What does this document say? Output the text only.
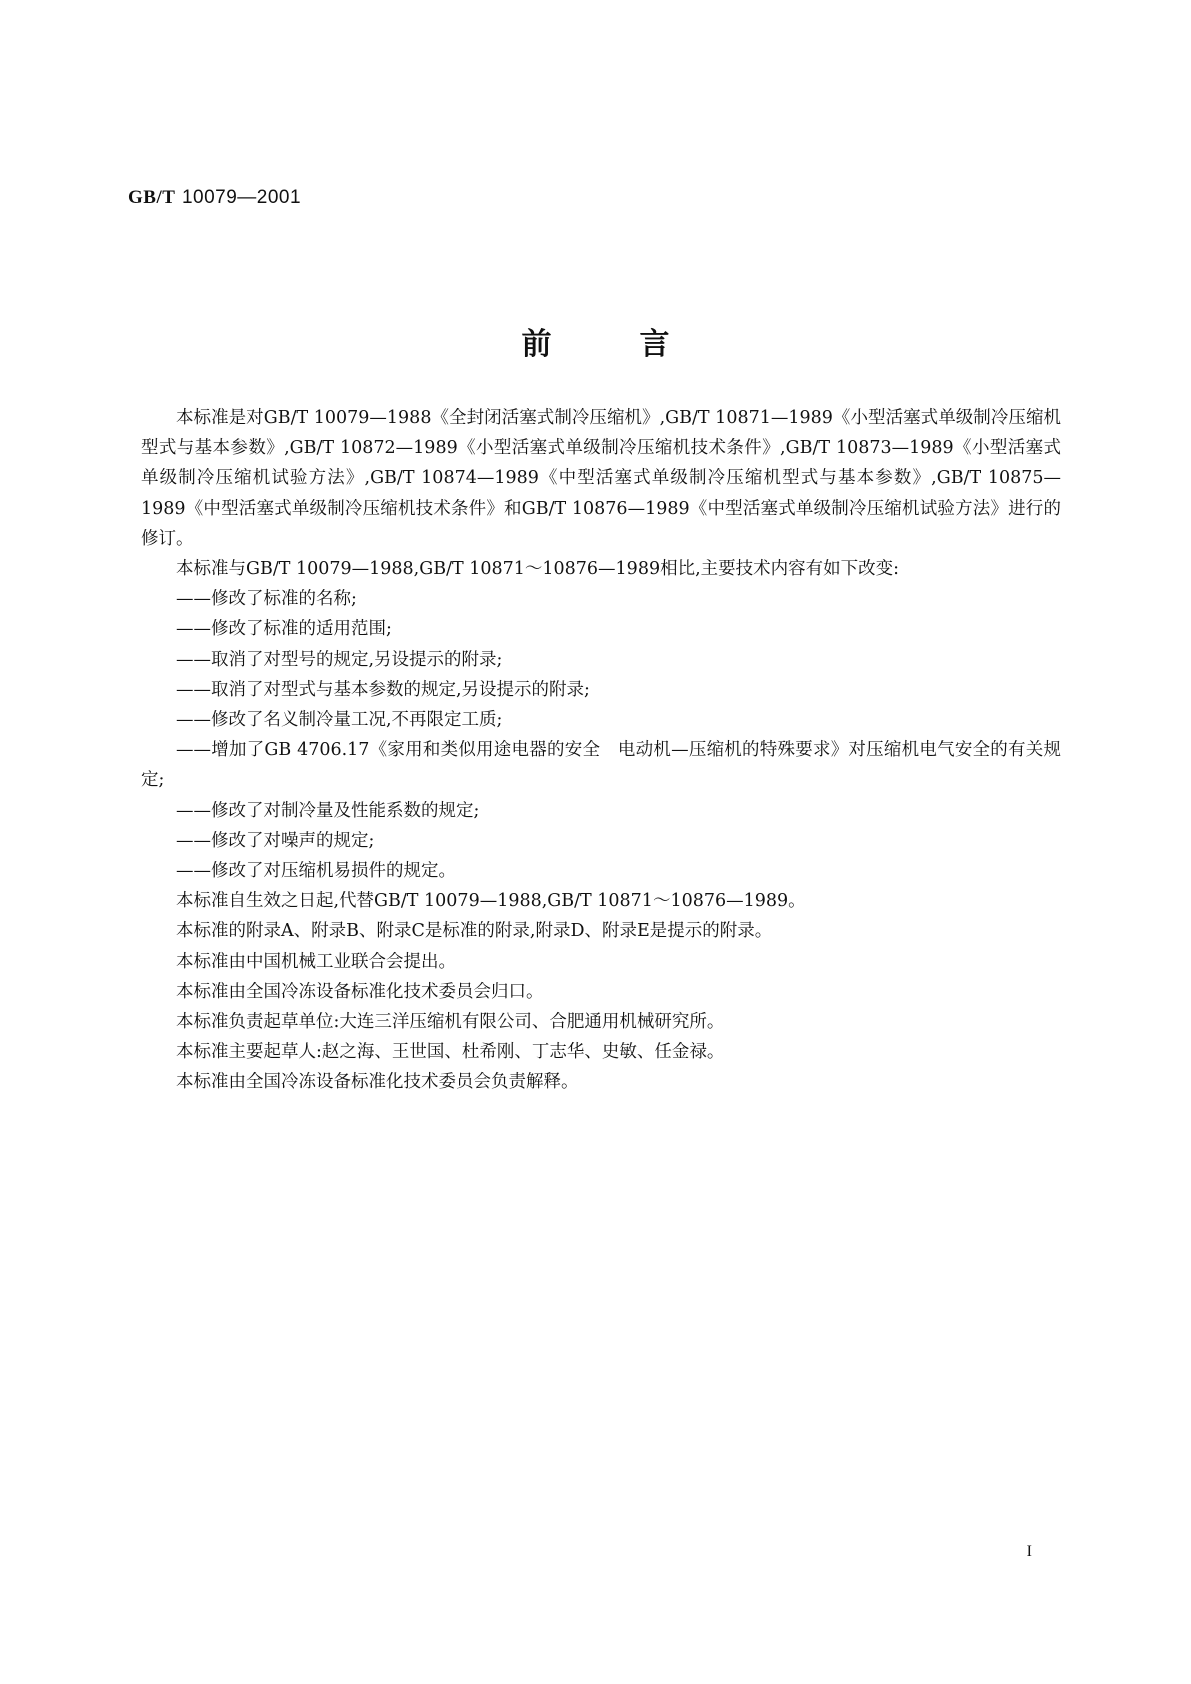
GB/T 10079—2001
前言

本标准是对GB/T 10079—1988《全封闭活塞式制冷压缩机》,GB/T 10871—1989《小型活塞式单级制冷压缩机型式与基本参数》,GB/T 10872—1989《小型活塞式单级制冷压缩机技术条件》,GB/T 10873—1989《小型活塞式单级制冷压缩机试验方法》,GB/T 10874—1989《中型活塞式单级制冷压缩机型式与基本参数》,GB/T 10875—1989《中型活塞式单级制冷压缩机技术条件》和GB/T 10876—1989《中型活塞式单级制冷压缩机试验方法》进行的修订。

本标准与GB/T 10079—1988,GB/T 10871～10876—1989相比,主要技术内容有如下改变:

——修改了标准的名称;

——修改了标准的适用范围;

——取消了对型号的规定,另设提示的附录;

——取消了对型式与基本参数的规定,另设提示的附录;

——修改了名义制冷量工况,不再限定工质;

——增加了GB 4706.17《家用和类似用途电器的安全　电动机—压缩机的特殊要求》对压缩机电气安全的有关规定;

——修改了对制冷量及性能系数的规定;

——修改了对噪声的规定;

——修改了对压缩机易损件的规定。

本标准自生效之日起,代替GB/T 10079—1988,GB/T 10871～10876—1989。

本标准的附录A、附录B、附录C是标准的附录,附录D、附录E是提示的附录。

本标准由中国机械工业联合会提出。

本标准由全国冷冻设备标准化技术委员会归口。

本标准负责起草单位:大连三洋压缩机有限公司、合肥通用机械研究所。

本标准主要起草人:赵之海、王世国、杜希刚、丁志华、史敏、任金禄。

本标准由全国冷冻设备标准化技术委员会负责解释。

I
